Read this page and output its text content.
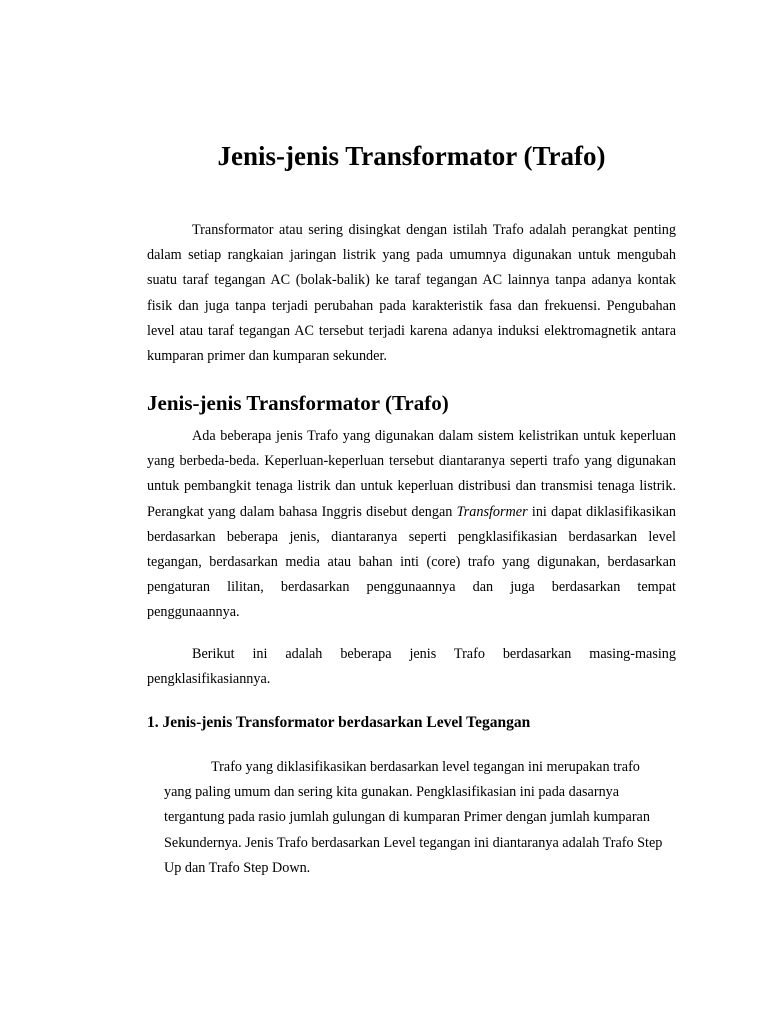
Jenis-jenis Transformator (Trafo)

Transformator atau sering disingkat dengan istilah Trafo adalah perangkat penting dalam setiap rangkaian jaringan listrik yang pada umumnya digunakan untuk mengubah suatu taraf tegangan AC (bolak-balik) ke taraf tegangan AC lainnya tanpa adanya kontak fisik dan juga tanpa terjadi perubahan pada karakteristik fasa dan frekuensi. Pengubahan level atau taraf tegangan AC tersebut terjadi karena adanya induksi elektromagnetik antara kumparan primer dan kumparan sekunder.

Jenis-jenis Transformator (Trafo)

Ada beberapa jenis Trafo yang digunakan dalam sistem kelistrikan untuk keperluan yang berbeda-beda. Keperluan-keperluan tersebut diantaranya seperti trafo yang digunakan untuk pembangkit tenaga listrik dan untuk keperluan distribusi dan transmisi tenaga listrik. Perangkat yang dalam bahasa Inggris disebut dengan Transformer ini dapat diklasifikasikan berdasarkan beberapa jenis, diantaranya seperti pengklasifikasian berdasarkan level tegangan, berdasarkan media atau bahan inti (core) trafo yang digunakan, berdasarkan pengaturan lilitan, berdasarkan penggunaannya dan juga berdasarkan tempat penggunaannya.

Berikut ini adalah beberapa jenis Trafo berdasarkan masing-masing pengklasifikasiannya.

1. Jenis-jenis Transformator berdasarkan Level Tegangan

Trafo yang diklasifikasikan berdasarkan level tegangan ini merupakan trafo yang paling umum dan sering kita gunakan. Pengklasifikasian ini pada dasarnya tergantung pada rasio jumlah gulungan di kumparan Primer dengan jumlah kumparan Sekundernya. Jenis Trafo berdasarkan Level tegangan ini diantaranya adalah Trafo Step Up dan Trafo Step Down.
